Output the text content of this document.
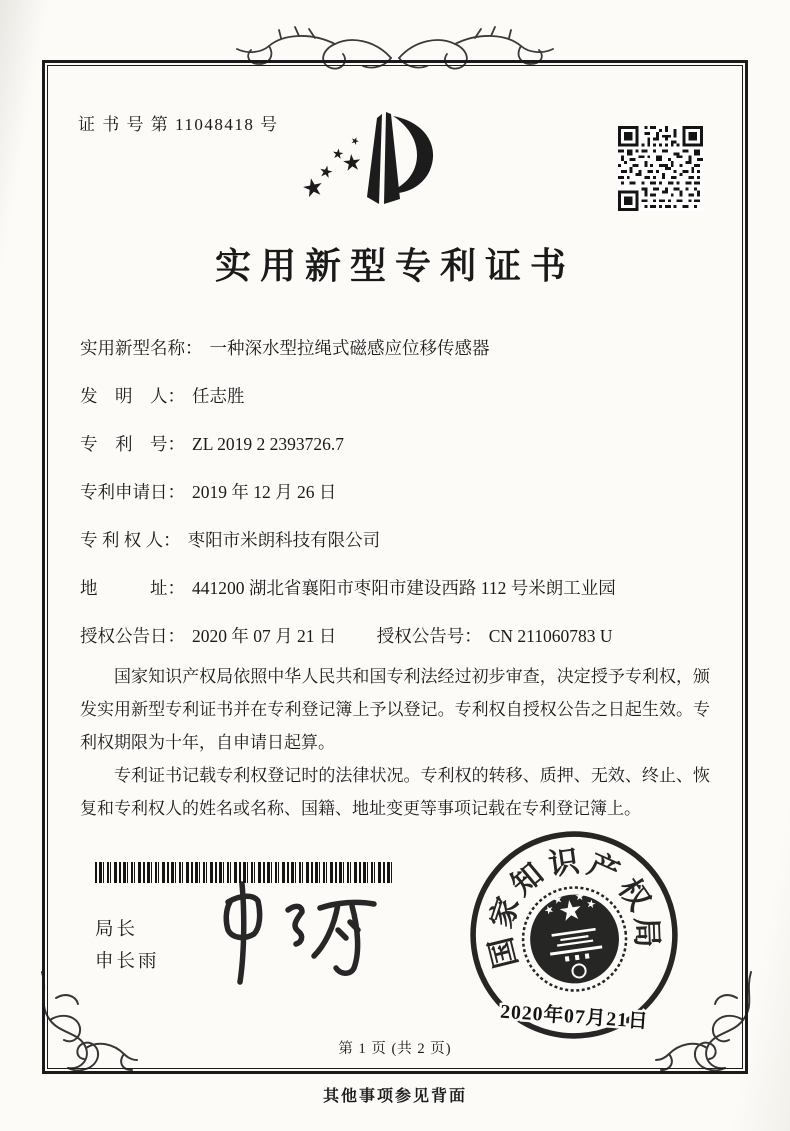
证 书 号 第 11048418 号
实用新型专利证书
实用新型名称： 一种深水型拉绳式磁感应位移传感器
发　明　人： 任志胜
专　利　号： ZL 2019 2 2393726.7
专利申请日： 2019 年 12 月 26 日
专 利 权 人： 枣阳市米朗科技有限公司
地　　　址： 441200 湖北省襄阳市枣阳市建设西路 112 号米朗工业园
授权公告日： 2020 年 07 月 21 日 授权公告号： CN 211060783 U

国家知识产权局依照中华人民共和国专利法经过初步审查，决定授予专利权，颁发实用新型专利证书并在专利登记簿上予以登记。专利权自授权公告之日起生效。专利权期限为十年，自申请日起算。

专利证书记载专利权登记时的法律状况。专利权的转移、质押、无效、终止、恢复和专利权人的姓名或名称、国籍、地址变更等事项记载在专利登记簿上。

局长
申长雨	国
家
知
识 产
权
局
2020年07月21日
第 1 页 (共 2 页)
其他事项参见背面
